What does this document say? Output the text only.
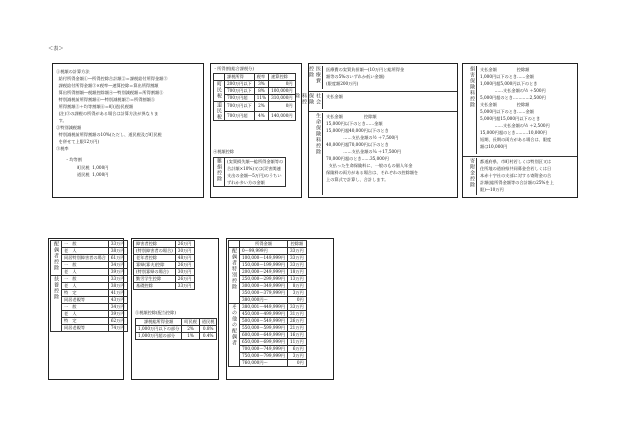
＜表＞
①税額の計算方法
給付所得金額①―所得控除合計額②＝課税給付所得金額③
課税給付所得金額③×税率―速算控除＝算出所得割額
算出所得割額―税額控除額④―特別減税額＝所得割額⑤
特別減税前所得割額⑥―特別減税額⑦＝所得割額⑤
所得割額⑤＋均等割額⑥＝町(道)民税額
(注)③の課税の所得がある場合は計算方法が異なりま
す。
②特別減税額
特別減税前所得割額の10%(ただし、道民税及び町民税
を併せて上限12万円)
③税率
・均等割
町民税 1,000円
道民税 1,000円
・所得割(総合課税分)
	課税所得	税率	速算控除
町民税	200万円以下	3%	0円
	700万円以下	8%	100,000円
	700万円超	11%	310,000円
道民税	700万円以下	2%	0円
	700万円超	4%	140,000円
④税額控除
雑損控除	(実質損失額―総所得金額等の
合計額×10%)又は(災害関連
支出の金額―5万円)のうちい
ずれか多い方の金額
医療費控除	医療費の実質負担額―(10万円と総所得金
額等の5%のいずれか低い金額)
(限度額200万円)
社会保険料控除	支払金額
生命保険料控除	支払金額                控除額
15,000円以下のとき……金額
15,000円超40,000円以下のとき
……支払金額の½ ＋7,500円
40,000円超70,000円以下のとき
……支払金額の¼ ＋17,500円
70,000円超のとき……35,000円
支払った生命保険料に、一般のもの個人年金
保険料の両方がある場合は、それぞれの控除額を
上の算式で計算し、合計します。
損害保険料控除	支払金額               控除額
1,000円以下のとき……金額
1,000円超5,000円以下のとき
……支払金額の½ ＋500円
5,000円超のとき…………2,500円
支払金額               控除額
5,000円以下のとき……金額
5,000円超15,000円以下のとき
……支払金額の½ ＋2,500円
15,000円超のとき………10,000円
短期、長期の両方がある場合は、限度
額は10,000円
寄附金控除	都道府県、市町村若しくは特別区又は
住所地の道府県共同募金会若しくは日
本赤十字社の支部に対する寄附金の合
計額(総所得金額等の合計額の25%を上
限)―10万円
配偶者控除	一　般	33万円
	老　人	38万円
	同居特別障害者の場合	61万円
	一　般	34万円
	老　人	39万円
扶養控除	一　般	33万円
	老　人	38万円
	特　定	41万円
	同居老親等	43万円
	一　般	34万円
	老　人	39万円
	特　定	62万円
	同居老親等	74万円
障害者控除	26万円
(特別障害者の場合)	30万円
老年者控除	48万円
寡婦(寡夫)控除	26万円
(特別寡婦の場合)	30万円
勤労学生控除	26万円
基礎控除	33万円
⑤税額控除(配当控除)
課税総所得金額	町民税	道民税
1,000万円以下の部分	2%	0.8%
1,000万円超の部分	1%	0.4%
	所得金額	控除額
配偶者特別控除	0～99,999円	33万円
	100,000～149,999円	33万円
	150,000～199,999円	33万円
	200,000～249,999円	18万円
	250,000～299,999円	13万円
	300,000～349,999円	8万円
	350,000～379,999円	3万円
	380,000円～	0円
その他の配偶者	380,001～449,999円	33万円
	450,000～499,999円	31万円
	500,000～549,999円	26万円
	550,000～599,999円	21万円
	600,000～649,999円	16万円
	650,000～699,999円	11万円
	700,000～749,999円	6万円
	750,000～799,999円	3万円
	760,000円～	0円
